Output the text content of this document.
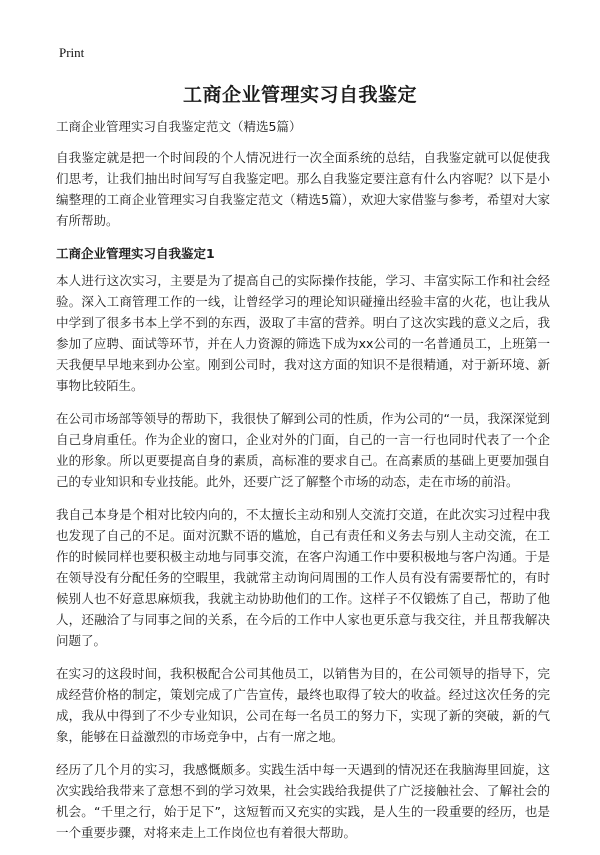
Print
工商企业管理实习自我鉴定

工商企业管理实习自我鉴定范文（精选5篇）

自我鉴定就是把一个时间段的个人情况进行一次全面系统的总结，自我鉴定就可以促使我们思考，让我们抽出时间写写自我鉴定吧。那么自我鉴定要注意有什么内容呢？以下是小编整理的工商企业管理实习自我鉴定范文（精选5篇），欢迎大家借鉴与参考，希望对大家有所帮助。

工商企业管理实习自我鉴定1

本人进行这次实习，主要是为了提高自己的实际操作技能，学习、丰富实际工作和社会经验。深入工商管理工作的一线，让曾经学习的理论知识碰撞出经验丰富的火花，也让我从中学到了很多书本上学不到的东西，汲取了丰富的营养。明白了这次实践的意义之后，我参加了应聘、面试等环节，并在人力资源的筛选下成为xx公司的一名普通员工，上班第一天我便早早地来到办公室。刚到公司时，我对这方面的知识不是很精通，对于新环境、新事物比较陌生。

在公司市场部等领导的帮助下，我很快了解到公司的性质，作为公司的“一员，我深深觉到自己身肩重任。作为企业的窗口，企业对外的门面，自己的一言一行也同时代表了一个企业的形象。所以更要提高自身的素质，高标准的要求自己。在高素质的基础上更要加强自己的专业知识和专业技能。此外，还要广泛了解整个市场的动态，走在市场的前沿。

我自己本身是个相对比较内向的，不太擅长主动和别人交流打交道，在此次实习过程中我也发现了自己的不足。面对沉默不语的尴尬，自己有责任和义务去与别人主动交流，在工作的时候同样也要积极主动地与同事交流，在客户沟通工作中要积极地与客户沟通。于是在领导没有分配任务的空暇里，我就常主动询问周围的工作人员有没有需要帮忙的，有时候别人也不好意思麻烦我，我就主动协助他们的工作。这样子不仅锻炼了自己，帮助了他人，还融洽了与同事之间的关系，在今后的工作中人家也更乐意与我交往，并且帮我解决问题了。

在实习的这段时间，我积极配合公司其他员工，以销售为目的，在公司领导的指导下，完成经营价格的制定，策划完成了广告宣传，最终也取得了较大的收益。经过这次任务的完成，我从中得到了不少专业知识，公司在每一名员工的努力下，实现了新的突破，新的气象，能够在日益激烈的市场竞争中，占有一席之地。

经历了几个月的实习，我感慨颇多。实践生活中每一天遇到的情况还在我脑海里回旋，这次实践给我带来了意想不到的学习效果，社会实践给我提供了广泛接触社会、了解社会的机会。“千里之行，始于足下”，这短暂而又充实的实践，是人生的一段重要的经历，也是一个重要步骤，对将来走上工作岗位也有着很大帮助。
